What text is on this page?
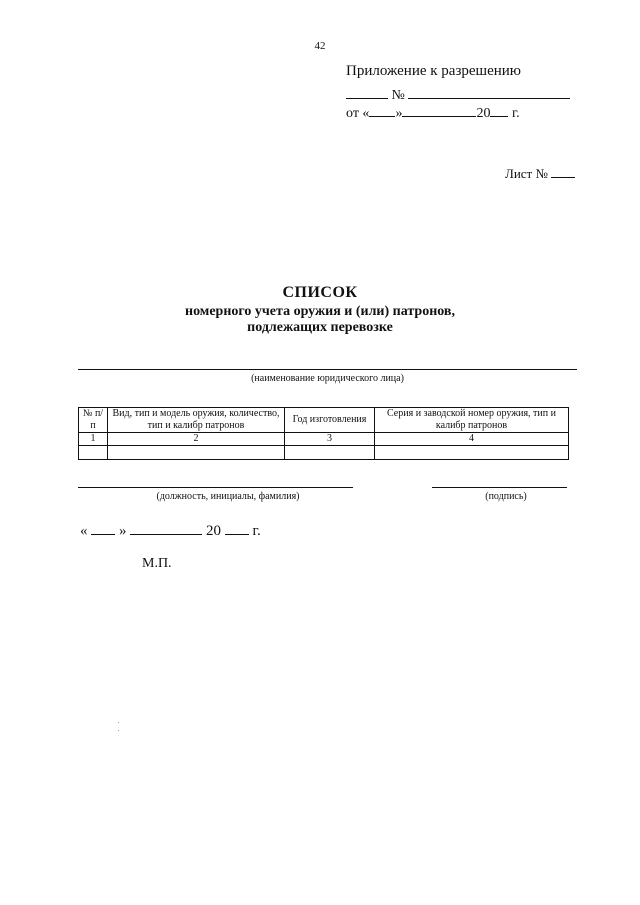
42
Приложение к разрешению
№
от « »	20 г.
Лист №
СПИСОК
номерного учета оружия и (или) патронов,
подлежащих перевозке
(наименование юридического лица)
№ п/п	Вид, тип и модель оружия, количество, тип и калибр патронов	Год изготовления	Серия и заводской номер оружия, тип и калибр патронов
1	2	3	4

(должность, инициалы, фамилия)	(подпись)
« »	20 г.
М.П.
